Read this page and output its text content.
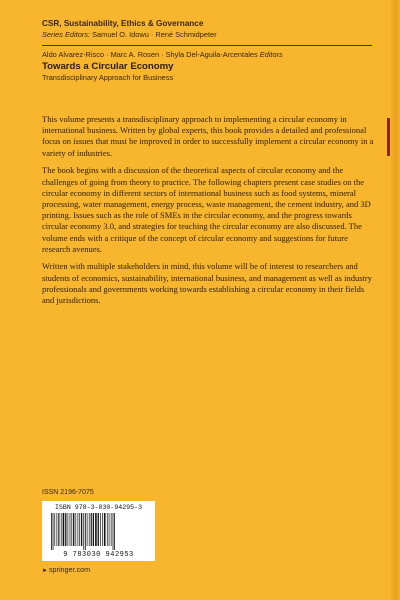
CSR, Sustainability, Ethics & Governance
Series Editors: Samuel O. Idowu · René Schmidpeter
Aldo Alvarez-Risco · Marc A. Rosen · Shyla Del-Aguila-Arcentales Editors
Towards a Circular Economy
Transdisciplinary Approach for Business

This volume presents a transdisciplinary approach to implementing a circular economy in international business. Written by global experts, this book provides a detailed and professional focus on issues that must be improved in order to successfully implement a circular economy in a variety of industries.

The book begins with a discussion of the theoretical aspects of circular economy and the challenges of going from theory to practice. The following chapters present case studies on the circular economy in different sectors of international business such as food systems, mineral processing, water management, energy process, waste management, the cement industry, and 3D printing. Issues such as the role of SMEs in the circular economy, and the progress towards circular economy 3.0, and strategies for teaching the circular economy are also discussed. The volume ends with a critique of the concept of circular economy and suggestions for future research avenues.

Written with multiple stakeholders in mind, this volume will be of interest to researchers and students of economics, sustainability, international business, and management as well as industry professionals and governments working towards establishing a circular economy in their fields and jurisdictions.

ISSN 2196-7075
ISBN 978-3-030-94295-3
9 783030 942953
►springer.com
